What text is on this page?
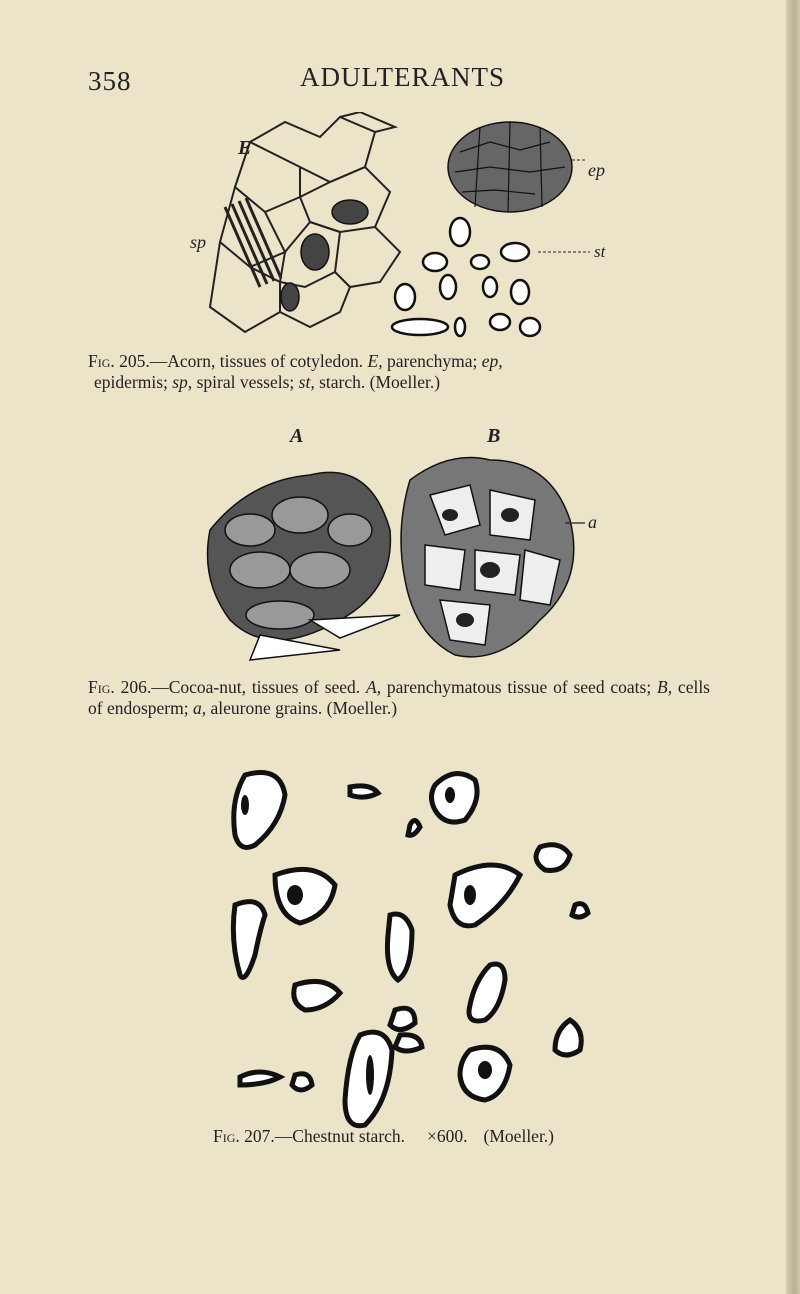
358	ADULTERANTS
E
sp
ep
st
Fig. 205.—Acorn, tissues of cotyledon. E, parenchyma; ep,
epidermis; sp, spiral vessels; st, starch. (Moeller.)
A	B
a
Fig. 206.—Cocoa-nut, tissues of seed. A, parenchymatous tissue of seed coats; B, cells of endosperm; a, aleurone grains. (Moeller.)
Fig. 207.—Chestnut starch. ×600. (Moeller.)
